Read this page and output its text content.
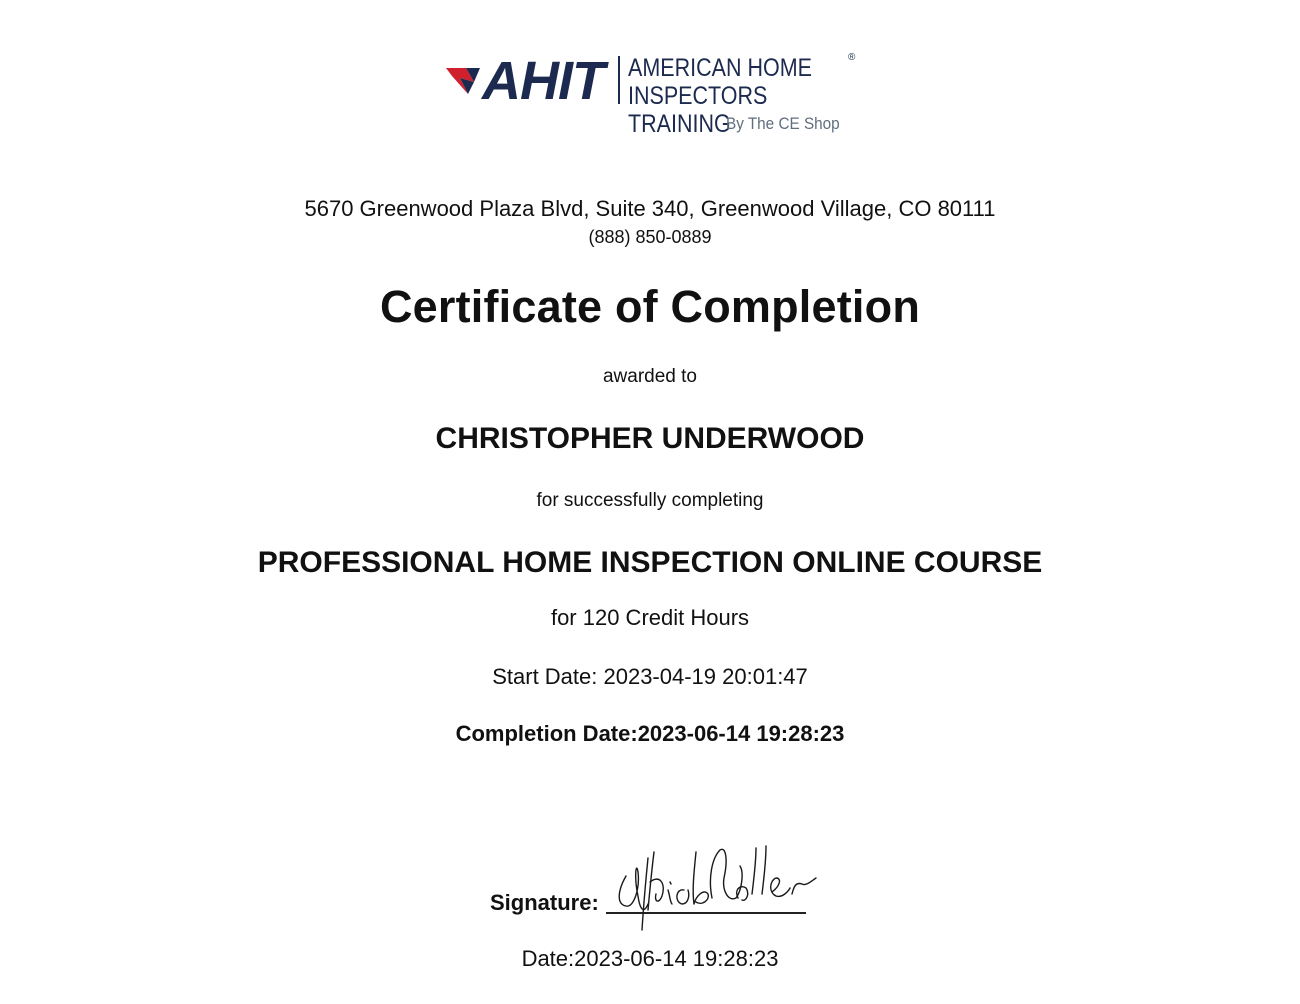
AHIT AMERICAN HOME	®
INSPECTORS TRAINING
By The CE Shop
5670 Greenwood Plaza Blvd, Suite 340, Greenwood Village, CO 80111
(888) 850-0889
Certificate of Completion
awarded to
CHRISTOPHER UNDERWOOD
for successfully completing
PROFESSIONAL HOME INSPECTION ONLINE COURSE
for 120 Credit Hours
Start Date: 2023-04-19 20:01:47
Completion Date:2023-06-14 19:28:23
Signature:
Date:2023-06-14 19:28:23
